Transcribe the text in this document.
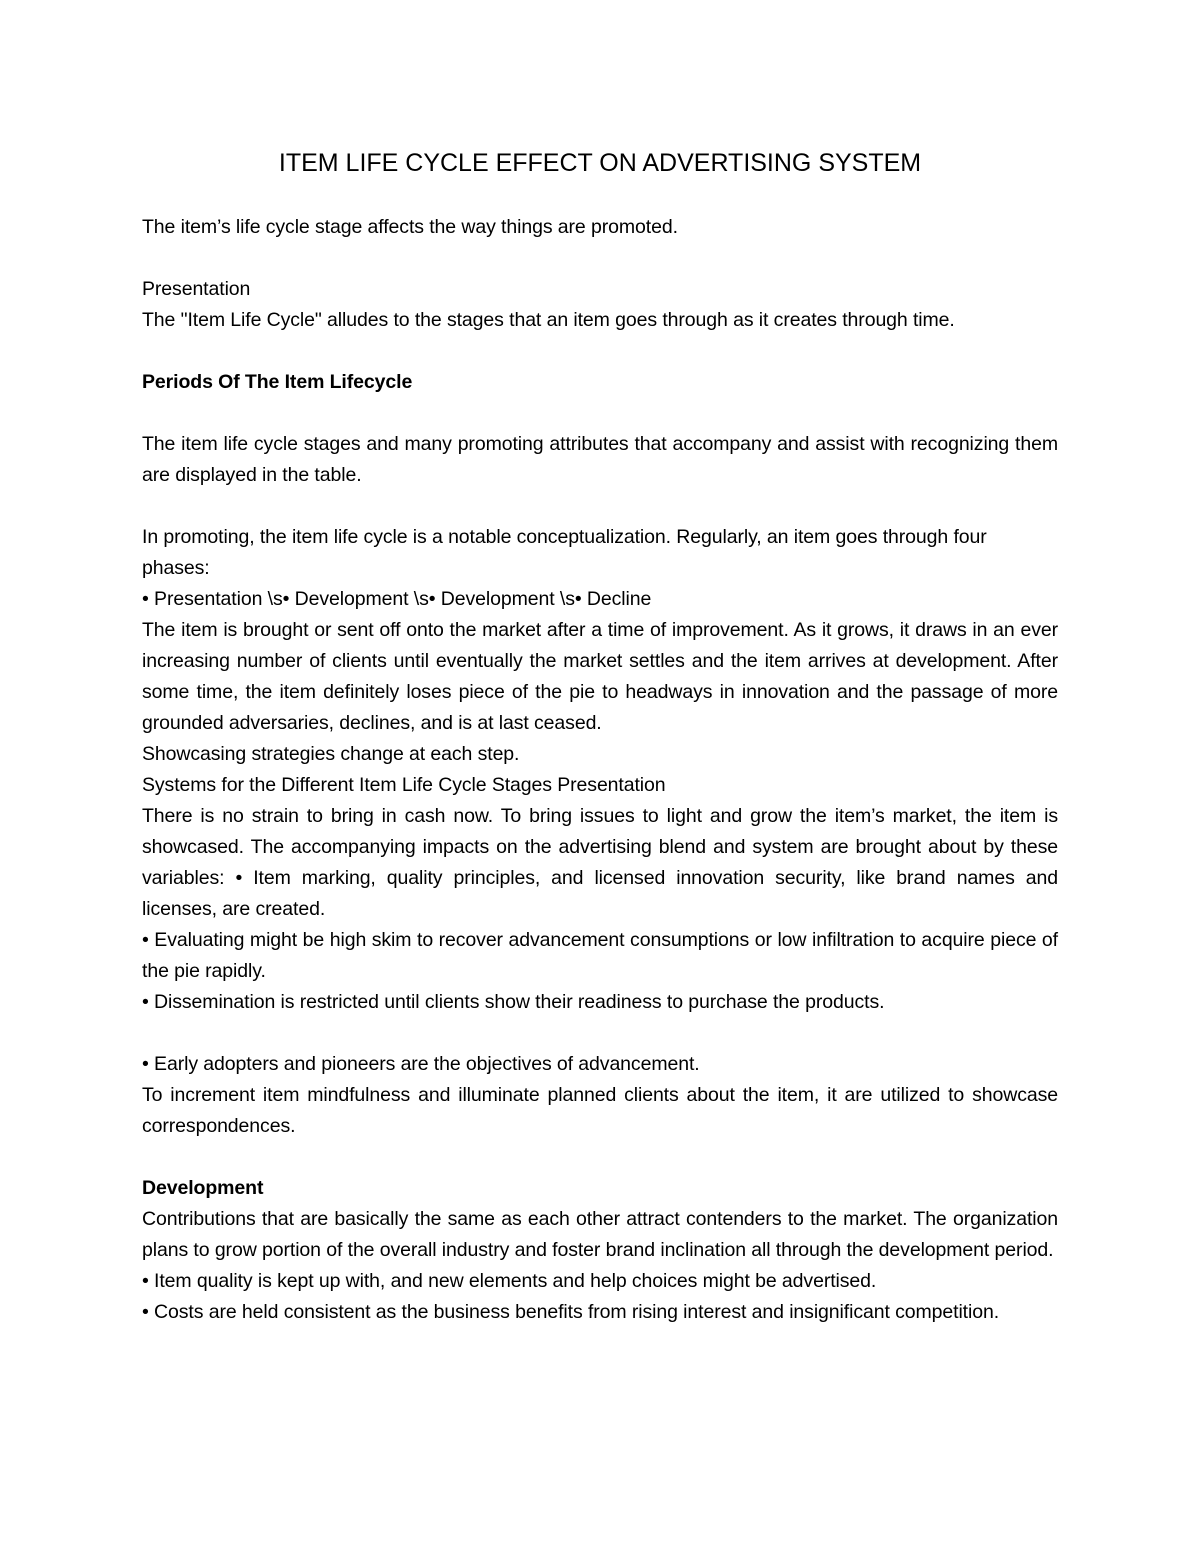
ITEM LIFE CYCLE EFFECT ON ADVERTISING SYSTEM

The item’s life cycle stage affects the way things are promoted.

Presentation

The "Item Life Cycle" alludes to the stages that an item goes through as it creates through time.

Periods Of The Item Lifecycle

The item life cycle stages and many promoting attributes that accompany and assist with recognizing them are displayed in the table.

In promoting, the item life cycle is a notable conceptualization. Regularly, an item goes through four phases:

• Presentation \s• Development \s• Development \s• Decline

The item is brought or sent off onto the market after a time of improvement. As it grows, it draws in an ever increasing number of clients until eventually the market settles and the item arrives at development. After some time, the item definitely loses piece of the pie to headways in innovation and the passage of more grounded adversaries, declines, and is at last ceased.

Showcasing strategies change at each step.

Systems for the Different Item Life Cycle Stages Presentation

There is no strain to bring in cash now. To bring issues to light and grow the item’s market, the item is showcased. The accompanying impacts on the advertising blend and system are brought about by these variables: • Item marking, quality principles, and licensed innovation security, like brand names and licenses, are created.

• Evaluating might be high skim to recover advancement consumptions or low infiltration to acquire piece of the pie rapidly.

• Dissemination is restricted until clients show their readiness to purchase the products.

• Early adopters and pioneers are the objectives of advancement.

To increment item mindfulness and illuminate planned clients about the item, it are utilized to showcase correspondences.

Development

Contributions that are basically the same as each other attract contenders to the market. The organization plans to grow portion of the overall industry and foster brand inclination all through the development period.

• Item quality is kept up with, and new elements and help choices might be advertised.

• Costs are held consistent as the business benefits from rising interest and insignificant competition.
